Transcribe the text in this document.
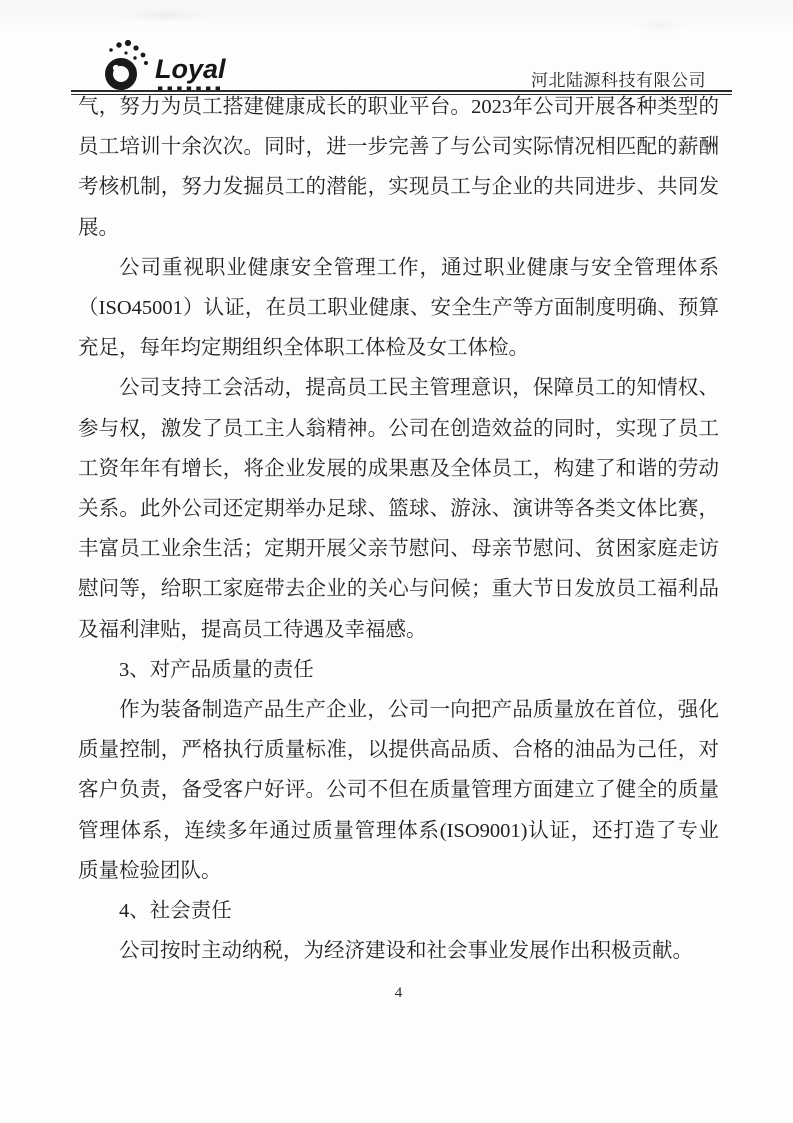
Loyal
▪▪▪▪▪▪▪	河北陆源科技有限公司

气，努力为员工搭建健康成长的职业平台。2023年公司开展各种类型的员工培训十余次次。同时，进一步完善了与公司实际情况相匹配的薪酬考核机制，努力发掘员工的潜能，实现员工与企业的共同进步、共同发展。

公司重视职业健康安全管理工作，通过职业健康与安全管理体系（ISO45001）认证，在员工职业健康、安全生产等方面制度明确、预算充足，每年均定期组织全体职工体检及女工体检。

公司支持工会活动，提高员工民主管理意识，保障员工的知情权、参与权，激发了员工主人翁精神。公司在创造效益的同时，实现了员工工资年年有增长，将企业发展的成果惠及全体员工，构建了和谐的劳动关系。此外公司还定期举办足球、篮球、游泳、演讲等各类文体比赛，丰富员工业余生活；定期开展父亲节慰问、母亲节慰问、贫困家庭走访慰问等，给职工家庭带去企业的关心与问候；重大节日发放员工福利品及福利津贴，提高员工待遇及幸福感。

3、对产品质量的责任

作为装备制造产品生产企业，公司一向把产品质量放在首位，强化质量控制，严格执行质量标准，以提供高品质、合格的油品为己任，对客户负责，备受客户好评。公司不但在质量管理方面建立了健全的质量管理体系，连续多年通过质量管理体系(ISO9001)认证，还打造了专业质量检验团队。

4、社会责任

公司按时主动纳税，为经济建设和社会事业发展作出积极贡献。

4
